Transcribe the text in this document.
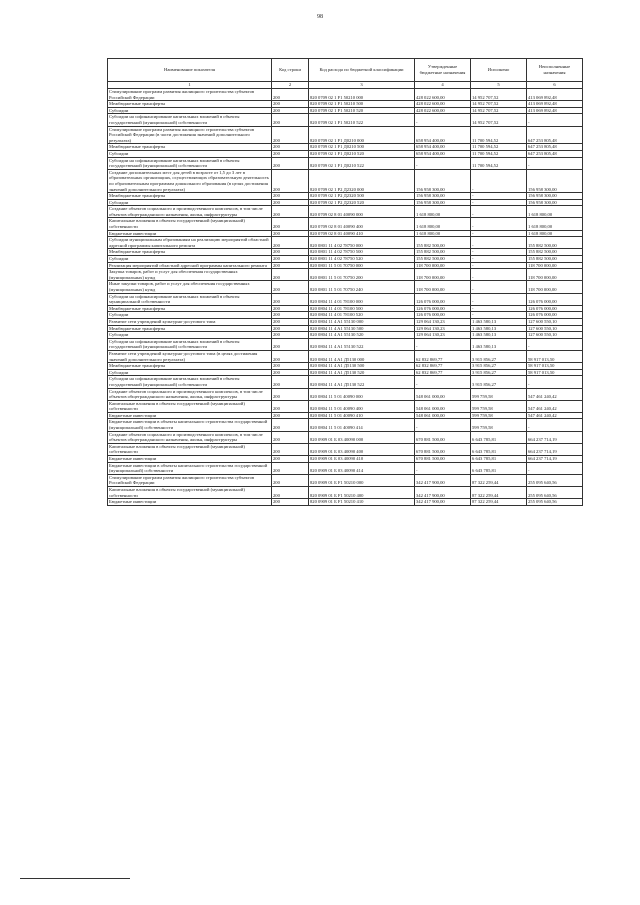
98
Наименование показателя	Код строки	Код расхода по бюджетной классификации	Утвержденные бюджетные назначения	Исполнено	Неисполненные назначения
1	2	3	4	5	6
Стимулирование программ развития жилищного строительства субъектов Российской Федерации	200	820 0709 02 1 F1 50210 000	428 022 600,00	14 952 707,52	413 069 892,48
Межбюджетные трансферты	200	820 0709 02 1 F1 50210 500	428 022 600,00	14 952 707,52	413 069 892,48
Субсидии	200	820 0709 02 1 F1 50210 520	428 022 600,00	14 952 707,52	413 069 892,48
Субсидии на софинансирование капитальных вложений в объекты государственной (муниципальной) собственности	200	820 0709 02 1 F1 50210 522	-	14 952 707,52	-
Стимулирование программ развития жилищного строительства субъектов Российской Федерации (в части достижения значений дополнительного результата)	200	820 0709 02 1 F1 Д0210 000	658 954 400,00	11 700 594,52	647 253 805,48
Межбюджетные трансферты	200	820 0709 02 1 F1 Д0210 500	658 954 400,00	11 700 594,52	647 253 805,48
Субсидии	200	820 0709 02 1 F1 Д0210 520	658 954 400,00	11 700 594,52	647 253 805,48
Субсидии на софинансирование капитальных вложений в объекты государственной (муниципальной) собственности	200	820 0709 02 1 F1 Д0210 522	-	11 700 594,52	-
Создание дополнительных мест для детей в возрасте от 1,5 до 3 лет в образовательных организациях, осуществляющих образовательную деятельность по образовательным программам дошкольного образования (в целях достижения значений дополнительного результата)	200	820 0709 02 1 P2 Д2320 000	156 958 300,00	-	156 958 300,00
Межбюджетные трансферты	200	820 0709 02 1 P2 Д2320 500	156 958 300,00	-	156 958 300,00
Субсидии	200	820 0709 02 1 P2 Д2320 520	156 958 300,00	-	156 958 300,00
Создание объектов социального и производственного комплексов, в том числе объектов общегражданского назначения, жилья, инфраструктуры	200	820 0709 02 8 01 40090 000	1 618 800,00	-	1 618 800,00
Капитальные вложения в объекты государственной (муниципальной) собственности	200	820 0709 02 8 01 40090 400	1 618 800,00	-	1 618 800,00
Бюджетные инвестиции	200	820 0709 02 8 01 40090 410	1 618 800,00	-	1 618 800,00
Субсидии муниципальным образованиям на реализацию мероприятий областной адресной программы капитального ремонта	200	820 0801 11 4 02 78750 000	155 882 500,00	-	155 882 500,00
Межбюджетные трансферты	200	820 0801 11 4 02 78750 500	155 882 500,00	-	155 882 500,00
Субсидии	200	820 0801 11 4 02 78750 520	155 882 500,00	-	155 882 500,00
Реализация мероприятий областной адресной программы капитального ремонта	200	820 0801 11 5 01 70750 000	118 700 000,00	-	118 700 000,00
Закупка товаров, работ и услуг для обеспечения государственных (муниципальных) нужд	200	820 0801 11 5 01 70750 200	118 700 000,00	-	118 700 000,00
Иные закупки товаров, работ и услуг для обеспечения государственных (муниципальных) нужд	200	820 0801 11 5 01 70750 240	118 700 000,00	-	118 700 000,00
Субсидии на софинансирование капитальных вложений в объекты муниципальной собственности	200	820 0804 11 4 01 78100 000	126 076 000,00	-	126 076 000,00
Межбюджетные трансферты	200	820 0804 11 4 01 78100 500	126 076 000,00	-	126 076 000,00
Субсидии	200	820 0804 11 4 01 78100 520	126 076 000,00	-	126 076 000,00
Развитие сети учреждений культурно-досугового типа	200	820 0804 11 4 A1 55130 000	129 064 130,23	1 463 580,13	127 600 550,10
Межбюджетные трансферты	200	820 0804 11 4 A1 55130 500	129 064 130,23	1 463 580,13	127 600 550,10
Субсидии	200	820 0804 11 4 A1 55130 520	129 064 130,23	1 463 580,13	127 600 550,10
Субсидии на софинансирование капитальных вложений в объекты государственной (муниципальной) собственности	200	820 0804 11 4 A1 55130 522	-	1 463 580,13	-
Развитие сети учреждений культурно-досугового типа (в целях достижения значений дополнительного результата)	200	820 0804 11 4 A1 Д5130 000	62 832 869,77	3 915 856,27	58 917 013,50
Межбюджетные трансферты	200	820 0804 11 4 A1 Д5130 500	62 832 869,77	3 915 856,27	58 917 013,50
Субсидии	200	820 0804 11 4 A1 Д5130 520	62 832 869,77	3 915 856,27	58 917 013,50
Субсидии на софинансирование капитальных вложений в объекты государственной (муниципальной) собственности	200	820 0804 11 4 A1 Д5130 522	-	3 915 856,27	-
Создание объектов социального и производственного комплексов, в том числе объектов общегражданского назначения, жилья, инфраструктуры	200	820 0804 11 5 01 40090 000	548 061 000,00	599 759,58	547 461 240,42
Капитальные вложения в объекты государственной (муниципальной) собственности	200	820 0804 11 5 01 40090 400	548 061 000,00	599 759,58	547 461 240,42
Бюджетные инвестиции	200	820 0804 11 5 01 40090 410	548 061 000,00	599 759,58	547 461 240,42
Бюджетные инвестиции в объекты капитального строительства государственной (муниципальной) собственности	200	820 0804 11 5 01 40090 414	-	599 759,58	-
Создание объектов социального и производственного комплексов, в том числе объектов общегражданского назначения, жилья, инфраструктуры	200	820 0909 01 Б 03 40090 000	670 881 500,00	6 643 785,81	664 237 714,19
Капитальные вложения в объекты государственной (муниципальной) собственности	200	820 0909 01 Б 03 40090 400	670 881 500,00	6 643 785,81	664 237 714,19
Бюджетные инвестиции	200	820 0909 01 Б 03 40090 410	670 881 500,00	6 643 785,81	664 237 714,19
Бюджетные инвестиции в объекты капитального строительства государственной (муниципальной) собственности	200	820 0909 01 Б 03 40090 414	-	6 643 785,81	-
Стимулирование программ развития жилищного строительства субъектов Российской Федерации	200	820 0909 01 Б F1 50210 000	342 417 900,00	87 322 259,44	255 095 640,56
Капитальные вложения в объекты государственной (муниципальной) собственности	200	820 0909 01 Б F1 50210 400	342 417 900,00	87 322 259,44	255 095 640,56
Бюджетные инвестиции	200	820 0909 01 Б F1 50210 410	342 417 900,00	87 322 259,44	255 095 640,56
